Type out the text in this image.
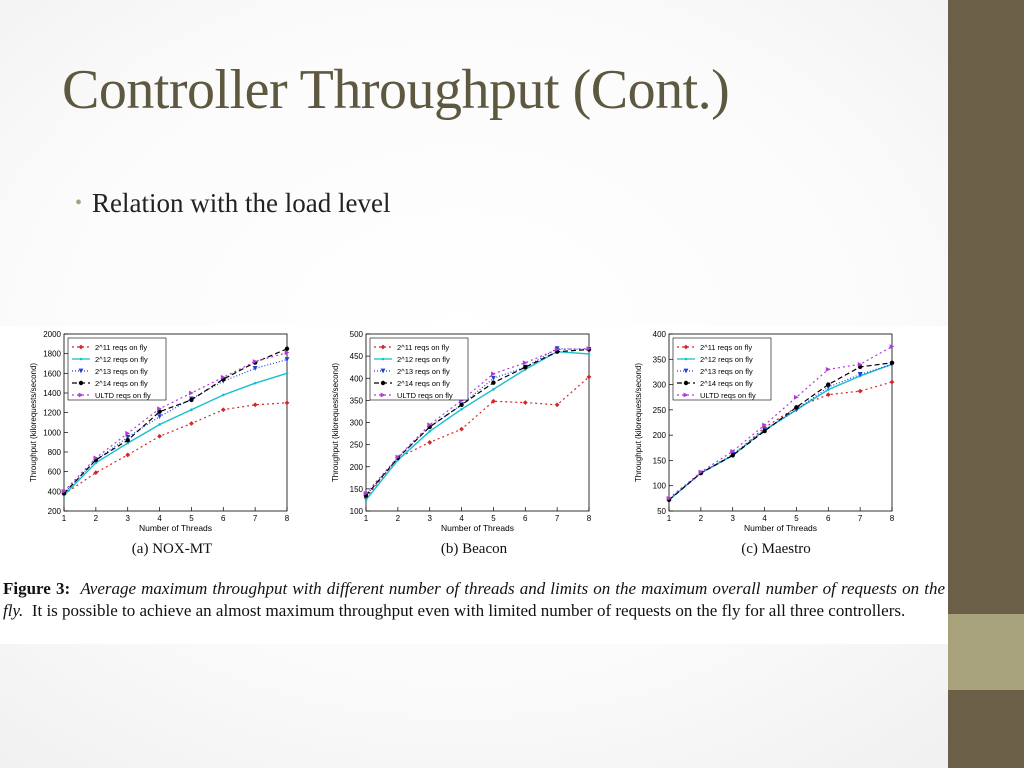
Controller Throughput (Cont.)
• Relation with the load level
200
400
600
800
1000
1200
1400
1600
1800
2000
1	2	3	4	5	6	7	8
Number of Threads
Throughput (kilorequests/second)
2^11 reqs on fly
2^12 reqs on fly
2^13 reqs on fly
2^14 reqs on fly
ULTD reqs on fly
(a) NOX-MT
100
150
200
250
300
350
400
450
500
1	2	3	4	5	6	7	8
Number of Threads
Throughput (kilorequests/second)
2^11 reqs on fly
2^12 reqs on fly
2^13 reqs on fly
2^14 reqs on fly
ULTD reqs on fly
(b) Beacon
50
100
150
200
250
300
350
400
1	2	3	4	5	6	7	8
Number of Threads
Throughput (kilorequests/second)
2^11 reqs on fly
2^12 reqs on fly
2^13 reqs on fly
2^14 reqs on fly
ULTD reqs on fly
(c) Maestro
Figure 3: Average maximum throughput with different number of threads and limits on the maximum overall number of requests on the fly. It is possible to achieve an almost maximum throughput even with limited number of requests on the fly for all three controllers.
